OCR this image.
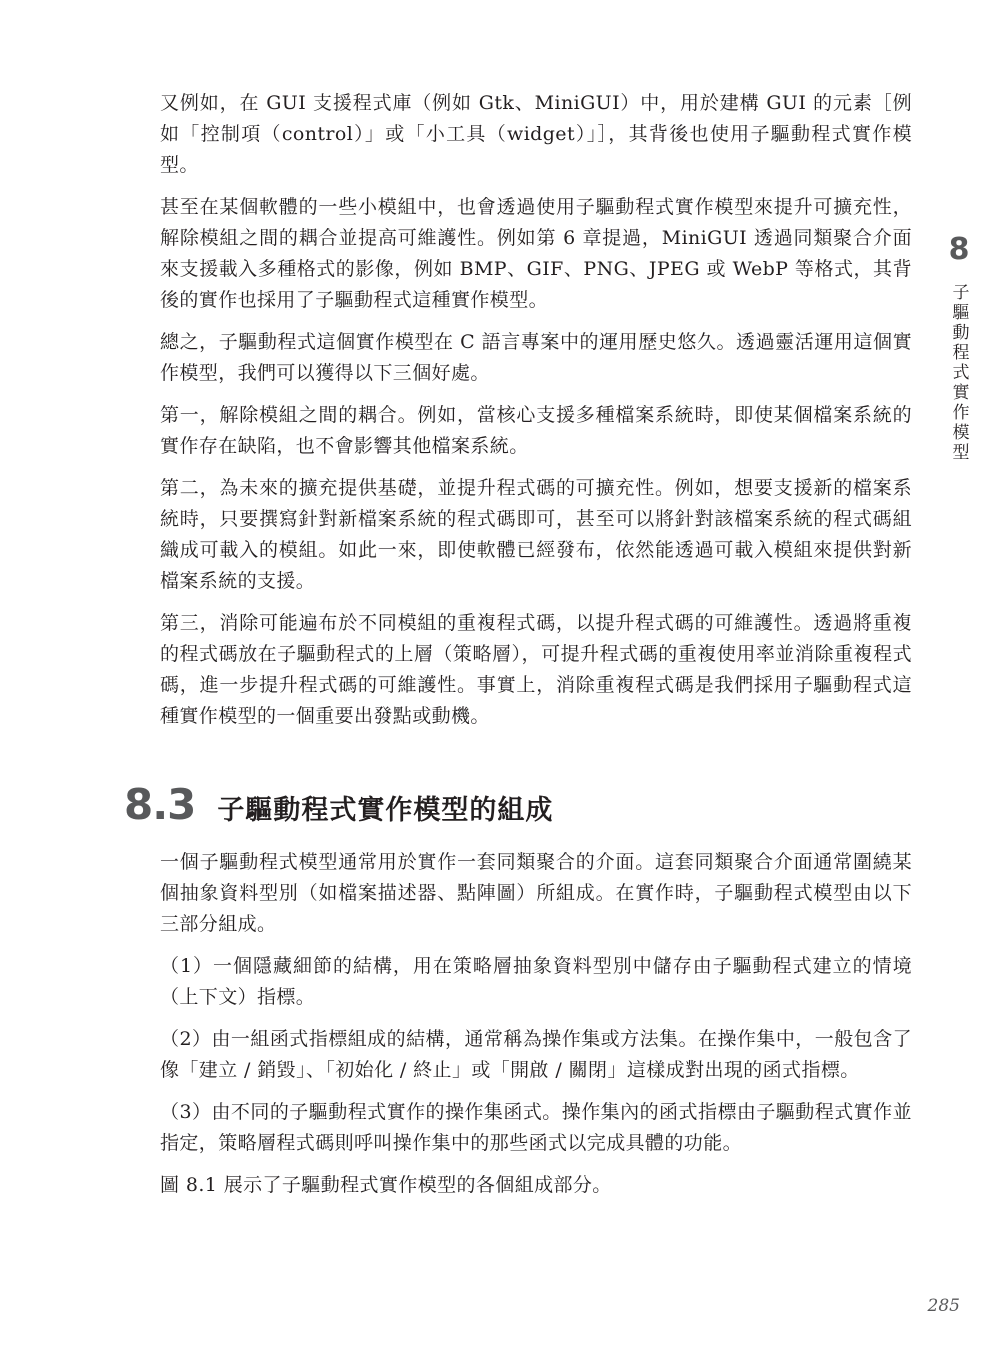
又例如，在 GUI 支援程式庫（例如 Gtk、MiniGUI）中，用於建構 GUI 的元素［例如「控制項（control）」或「小工具（widget）」］，其背後也使用子驅動程式實作模型。

甚至在某個軟體的一些小模組中，也會透過使用子驅動程式實作模型來提升可擴充性，解除模組之間的耦合並提高可維護性。例如第 6 章提過，MiniGUI 透過同類聚合介面來支援載入多種格式的影像，例如 BMP、GIF、PNG、JPEG 或 WebP 等格式，其背後的實作也採用了子驅動程式這種實作模型。

總之，子驅動程式這個實作模型在 C 語言專案中的運用歷史悠久。透過靈活運用這個實作模型，我們可以獲得以下三個好處。

第一，解除模組之間的耦合。例如，當核心支援多種檔案系統時，即使某個檔案系統的實作存在缺陷，也不會影響其他檔案系統。

第二，為未來的擴充提供基礎，並提升程式碼的可擴充性。例如，想要支援新的檔案系統時，只要撰寫針對新檔案系統的程式碼即可，甚至可以將針對該檔案系統的程式碼組織成可載入的模組。如此一來，即使軟體已經發布，依然能透過可載入模組來提供對新檔案系統的支援。

第三，消除可能遍布於不同模組的重複程式碼，以提升程式碼的可維護性。透過將重複的程式碼放在子驅動程式的上層（策略層），可提升程式碼的重複使用率並消除重複程式碼，進一步提升程式碼的可維護性。事實上，消除重複程式碼是我們採用子驅動程式這種實作模型的一個重要出發點或動機。

8.3 子驅動程式實作模型的組成

一個子驅動程式模型通常用於實作一套同類聚合的介面。這套同類聚合介面通常圍繞某個抽象資料型別（如檔案描述器、點陣圖）所組成。在實作時，子驅動程式模型由以下三部分組成。

（1）一個隱藏細節的結構，用在策略層抽象資料型別中儲存由子驅動程式建立的情境（上下文）指標。

（2）由一組函式指標組成的結構，通常稱為操作集或方法集。在操作集中，一般包含了像「建立 / 銷毀」、「初始化 / 終止」或「開啟 / 關閉」這樣成對出現的函式指標。

（3）由不同的子驅動程式實作的操作集函式。操作集內的函式指標由子驅動程式實作並指定，策略層程式碼則呼叫操作集中的那些函式以完成具體的功能。

圖 8.1 展示了子驅動程式實作模型的各個組成部分。

8
子驅動程式實作模型
285
